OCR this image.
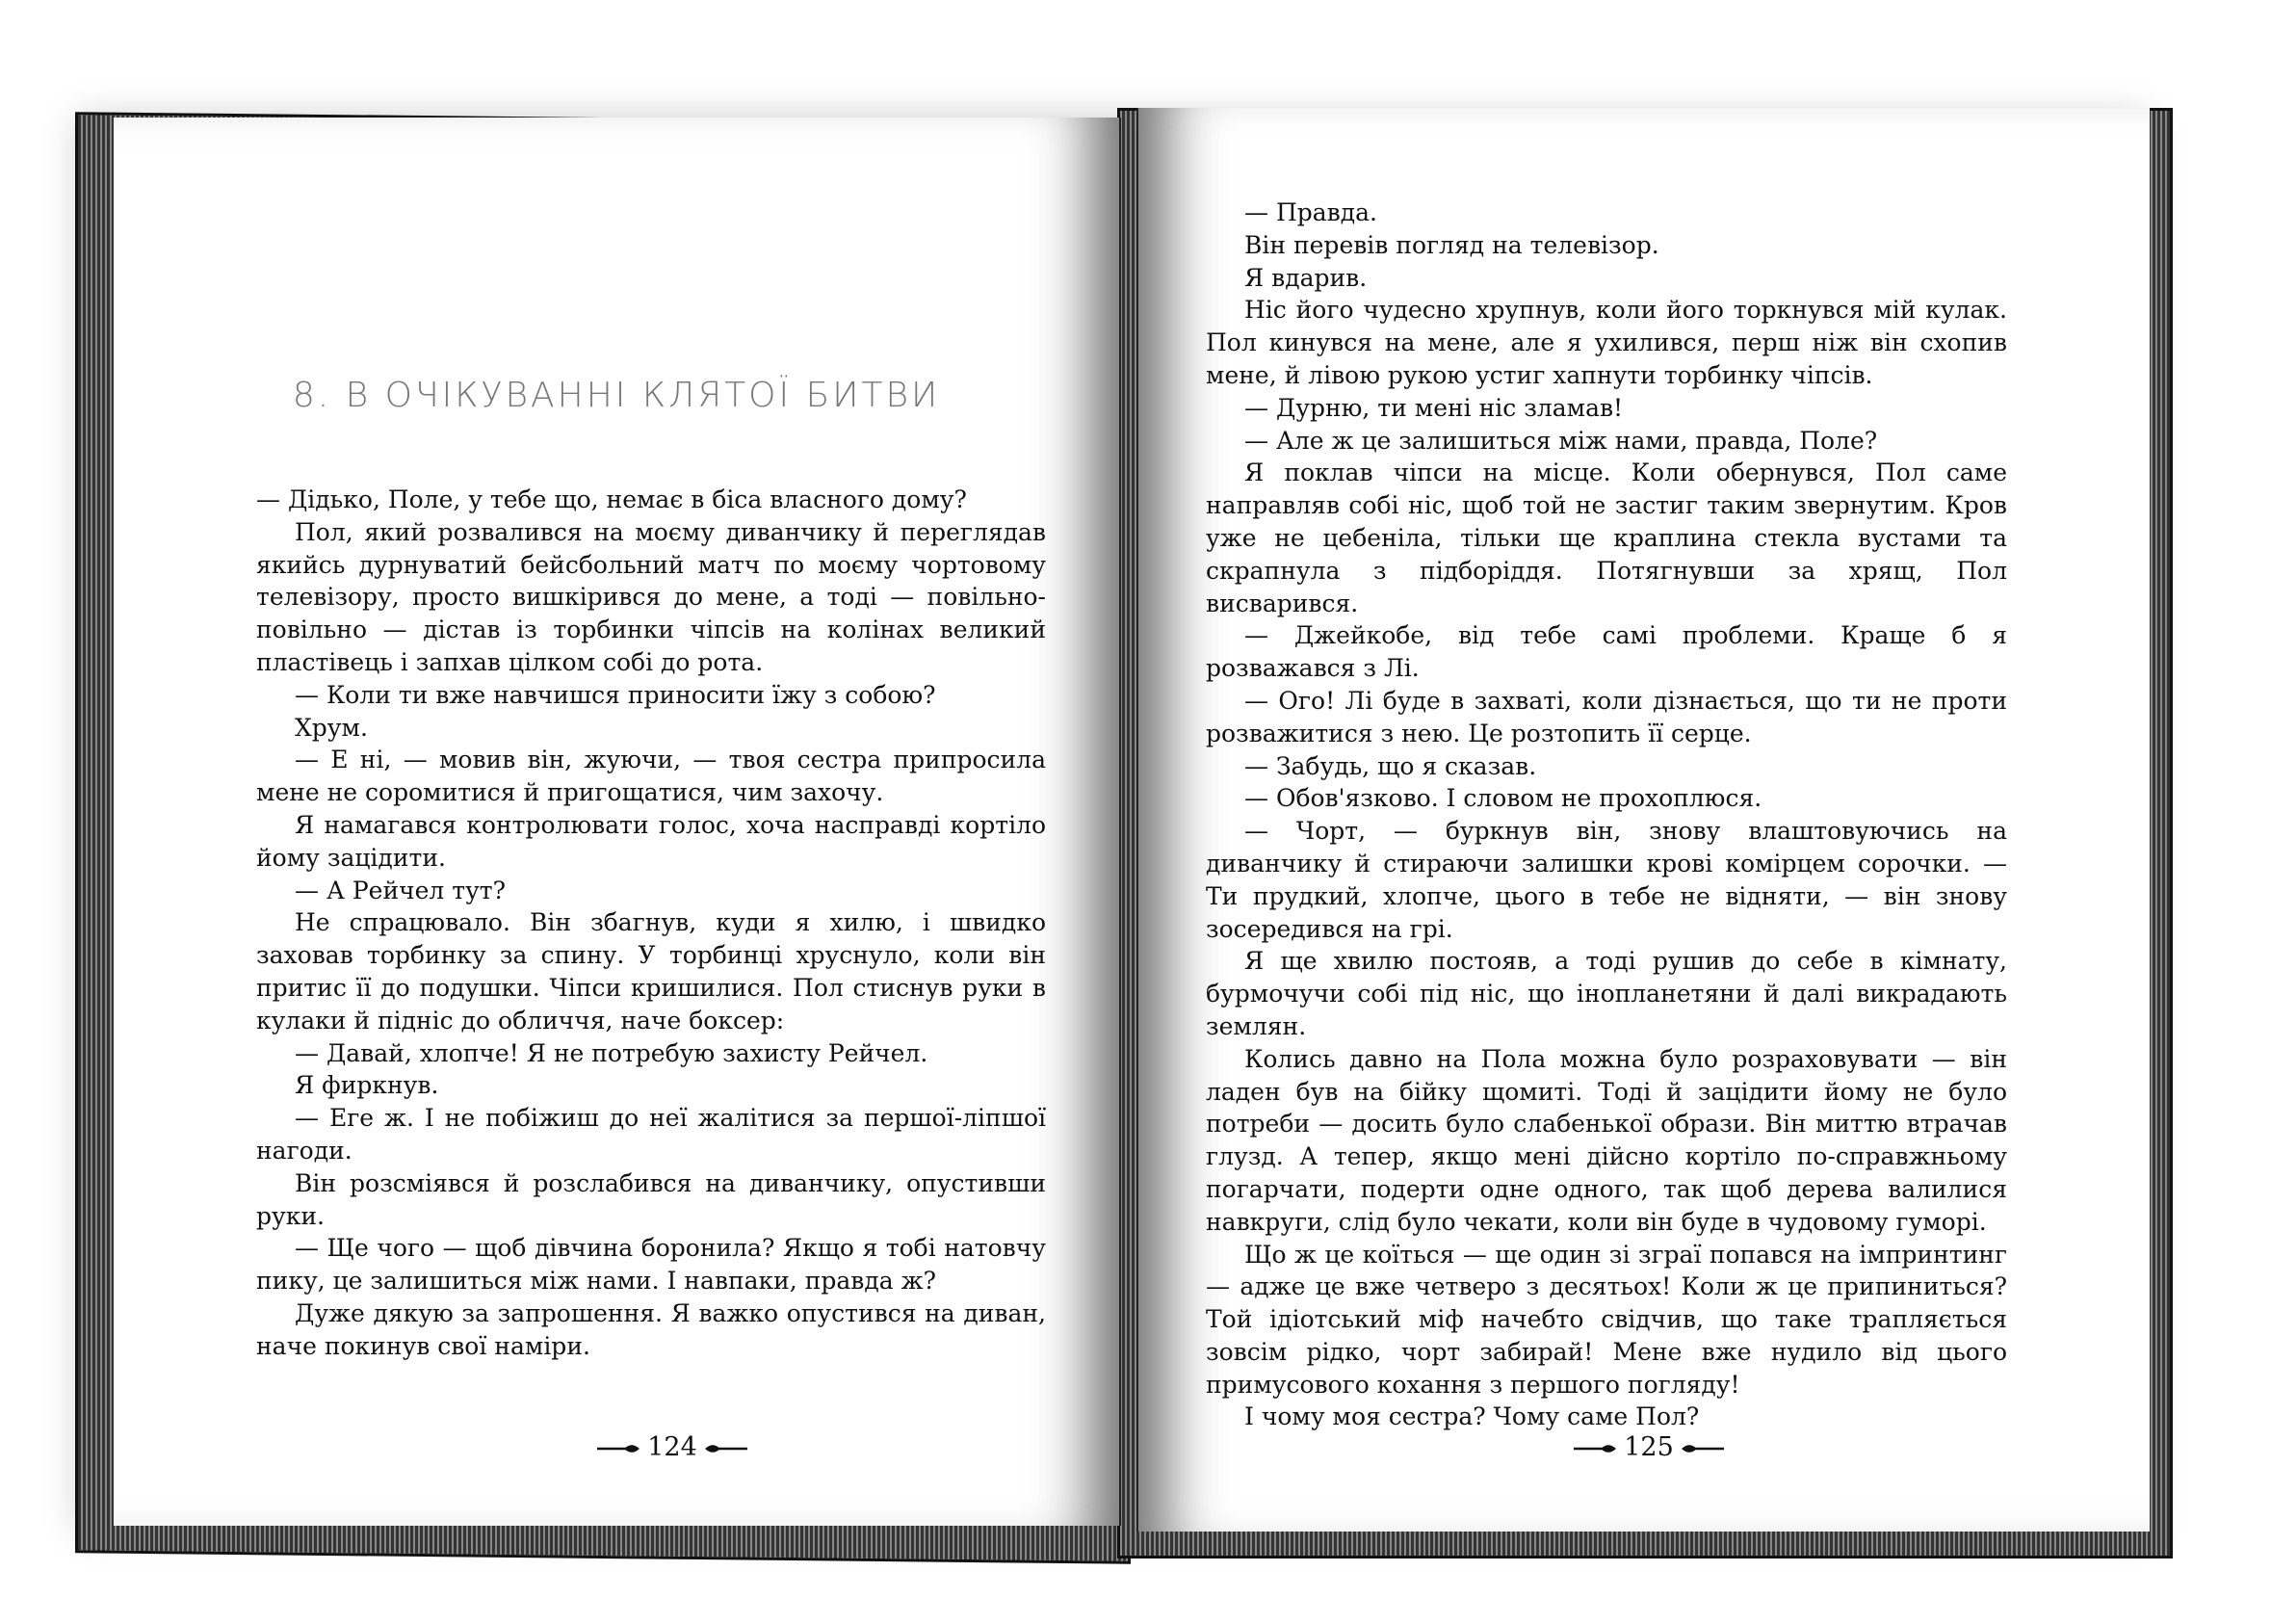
8. В ОЧІКУВАННІ КЛЯТОЇ БИТВИ

— Дідько, Поле, у тебе що, немає в біса власного дому?

Пол, який розвалився на моєму диванчику й переглядав якийсь дурнуватий бейсбольний матч по моєму чортовому телевізору, просто вишкірився до мене, а тоді — повільно-повільно — дістав із торбинки чіпсів на колінах великий пластівець і запхав цілком собі до рота.

— Коли ти вже навчишся приносити їжу з собою?

Хрум.

— Е ні, — мовив він, жуючи, — твоя сестра припросила мене не соромитися й пригощатися, чим захочу.

Я намагався контролювати голос, хоча насправді кортіло йому зацідити.

— А Рейчел тут?

Не спрацювало. Він збагнув, куди я хилю, і швидко заховав торбинку за спину. У торбинці хруснуло, коли він притис її до подушки. Чіпси кришилися. Пол стиснув руки в кулаки й підніс до обличчя, наче боксер:

— Давай, хлопче! Я не потребую захисту Рейчел.

Я фиркнув.

— Еге ж. І не побіжиш до неї жалітися за першої-ліпшої нагоди.

Він розсміявся й розслабився на диванчику, опустивши руки.

— Ще чого — щоб дівчина боронила? Якщо я тобі натовчу пику, це залишиться між нами. І навпаки, правда ж?

Дуже дякую за запрошення. Я важко опустився на диван, наче покинув свої наміри.

124

— Правда.

Він перевів погляд на телевізор.

Я вдарив.

Ніс його чудесно хрупнув, коли його торкнувся мій кулак. Пол кинувся на мене, але я ухилився, перш ніж він схопив мене, й лівою рукою устиг хапнути торбинку чіпсів.

— Дурню, ти мені ніс зламав!

— Але ж це залишиться між нами, правда, Поле?

Я поклав чіпси на місце. Коли обернувся, Пол саме направляв собі ніс, щоб той не застиг таким звернутим. Кров уже не цебеніла, тільки ще краплина стекла вустами та скрапнула з підборіддя. Потягнувши за хрящ, Пол висварився.

— Джейкобе, від тебе самі проблеми. Краще б я розважався з Лі.

— Ого! Лі буде в захваті, коли дізнається, що ти не проти розважитися з нею. Це розтопить її серце.

— Забудь, що я сказав.

— Обов'язково. І словом не прохоплюся.

— Чорт, — буркнув він, знову влаштовуючись на диванчику й стираючи залишки крові комірцем сорочки. — Ти прудкий, хлопче, цього в тебе не відняти, — він знову зосередився на грі.

Я ще хвилю постояв, а тоді рушив до себе в кімнату, бурмочучи собі під ніс, що інопланетяни й далі викрадають землян.

Колись давно на Пола можна було розраховувати — він ладен був на бійку щомиті. Тоді й зацідити йому не було потреби — досить було слабенької образи. Він миттю втрачав глузд. А тепер, якщо мені дійсно кортіло по-справжньому погарчати, подерти одне одного, так щоб дерева валилися навкруги, слід було чекати, коли він буде в чудовому гуморі.

Що ж це коїться — ще один зі зграї попався на імпринтинг — адже це вже четверо з десятьох! Коли ж це припиниться? Той ідіотський міф начебто свідчив, що таке трапляється зовсім рідко, чорт забирай! Мене вже нудило від цього примусового кохання з першого погляду!

І чому моя сестра? Чому саме Пол?

125
